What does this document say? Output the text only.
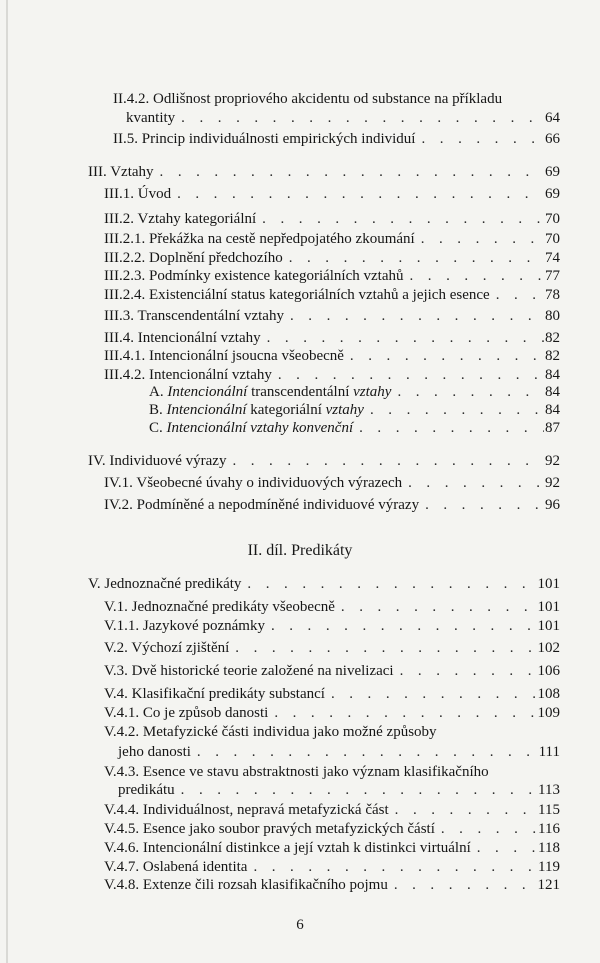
II.4.2. Odlišnost propriového akcidentu od substance na příkladu
kvantity . . .	64
II.5. Princip individuálnosti empirických individuí . . .	66
III. Vztahy . . .	69
III.1. Úvod . . .	69
III.2. Vztahy kategoriální . . .	70
III.2.1. Překážka na cestě nepředpojatého zkoumání . . .	70
III.2.2. Doplnění předchozího . . .	74
III.2.3. Podmínky existence kategoriálních vztahů . . .	77
III.2.4. Existenciální status kategoriálních vztahů a jejich esence . . .	78
III.3. Transcendentální vztahy . . .	80
III.4. Intencionální vztahy . . .	82
III.4.1. Intencionální jsoucna všeobecně . . .	82
III.4.2. Intencionální vztahy . . .	84
A. Intencionální transcendentální vztahy . . .	84
B. Intencionální kategoriální vztahy . . .	84
C. Intencionální vztahy konvenční . . .	87
IV. Individuové výrazy . . .	92
IV.1. Všeobecné úvahy o individuových výrazech . . .	92
IV.2. Podmíněné a nepodmíněné individuové výrazy . . .	96
II. díl. Predikáty
V. Jednoznačné predikáty . . .	101
V.1. Jednoznačné predikáty všeobecně . . .	101
V.1.1. Jazykové poznámky . . .	101
V.2. Výchozí zjištění . . .	102
V.3. Dvě historické teorie založené na nivelizaci . . .	106
V.4. Klasifikační predikáty substancí . . .	108
V.4.1. Co je způsob danosti . . .	109
V.4.2. Metafyzické části individua jako možné způsoby
jeho danosti . . .	111
V.4.3. Esence ve stavu abstraktnosti jako význam klasifikačního
predikátu . . .	113
V.4.4. Individuálnost, nepravá metafyzická část . . .	115
V.4.5. Esence jako soubor pravých metafyzických částí . . .	116
V.4.6. Intencionální distinkce a její vztah k distinkci virtuální . . .	118
V.4.7. Oslabená identita . . .	119
V.4.8. Extenze čili rozsah klasifikačního pojmu . . .	121
6
